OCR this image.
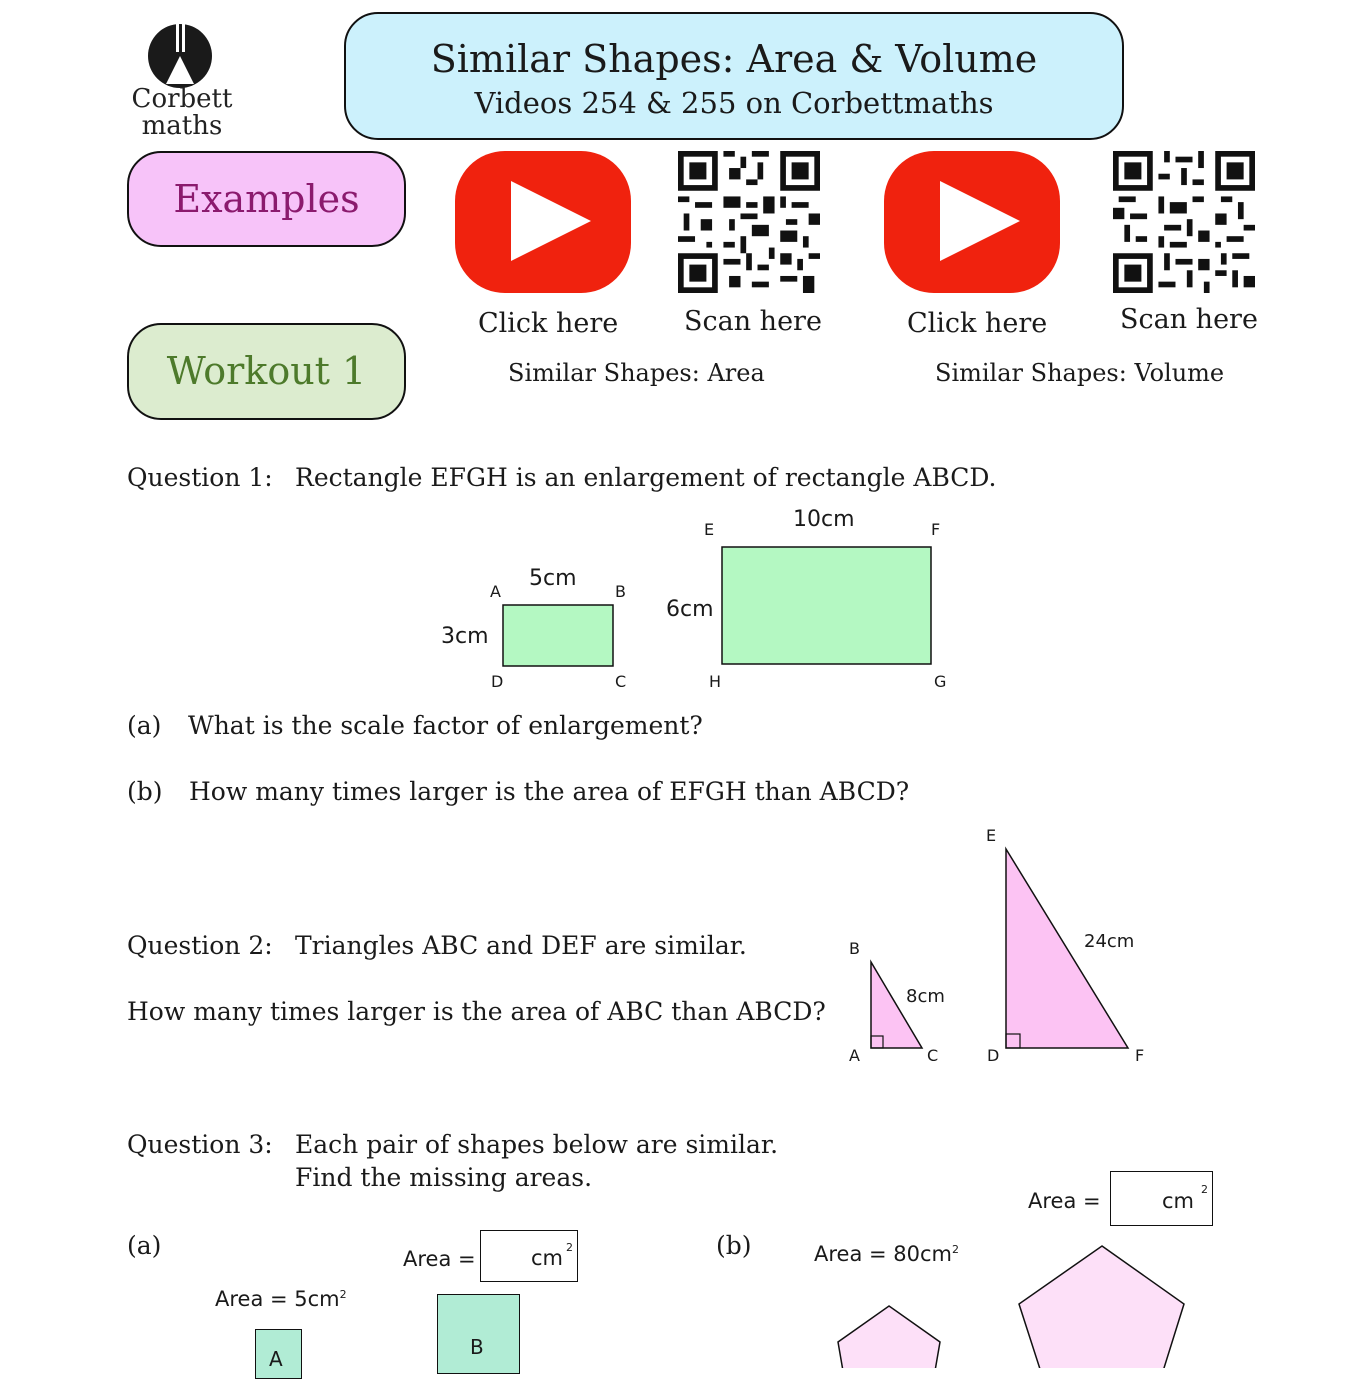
Corbett
maths
Similar Shapes: Area & Volume
Videos 254 & 255 on Corbettmaths
Examples
Workout 1
Click here Scan here
Similar Shapes: Area
Click here	Scan here
Similar Shapes: Volume
Question 1: Rectangle EFGH is an enlargement of rectangle ABCD.
A	B
C
D
5cm
3cm
E	F
G
H
10cm
6cm
(a) What is the scale factor of enlargement?
(b) How many times larger is the area of EFGH than ABCD?
Question 2: Triangles ABC and DEF are similar.
How many times larger is the area of ABC than ABCD?
B
A	C
8cm
E
D	F
24cm
Question 3: Each pair of shapes below are similar.
Find the missing areas.
(a)
Area = $5cm^2$
Area =	cm 2
A	B
(b)	Area = $80cm^2$
Area =	cm 2
